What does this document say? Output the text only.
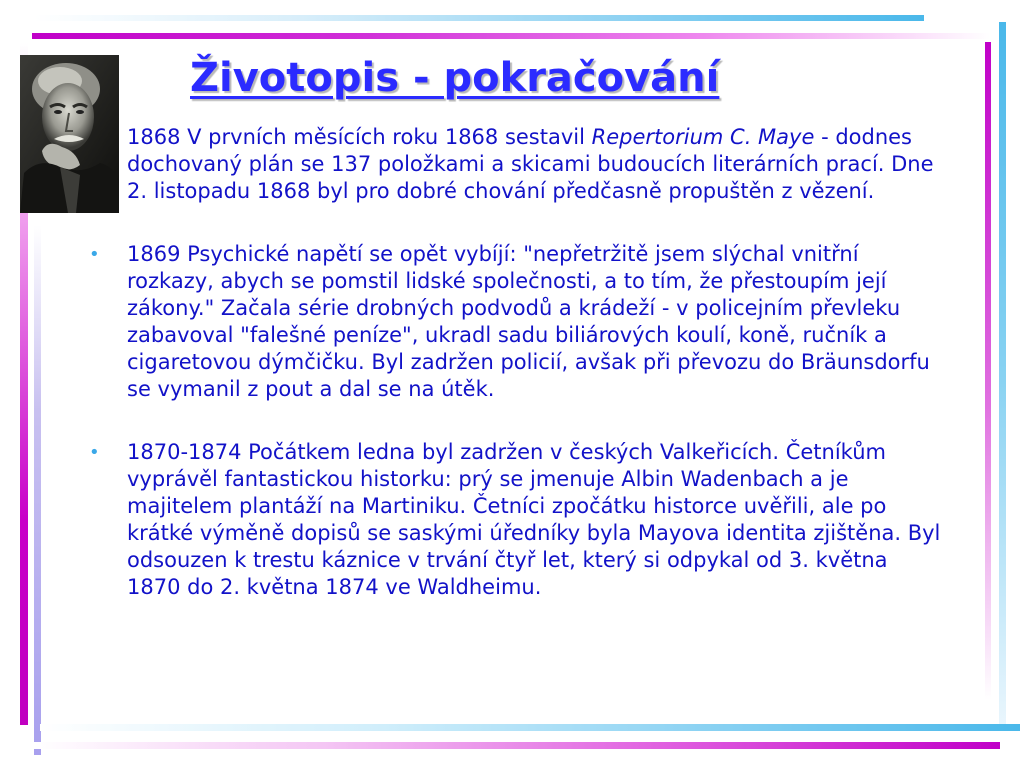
Životopis - pokračování
1868 V prvních měsících roku 1868 sestavil Repertorium C. Maye - dodnes dochovaný plán se 137 položkami a skicami budoucích literárních prací. Dne 2. listopadu 1868 byl pro dobré chování předčasně propuštěn z vězení.
• 1869 Psychické napětí se opět vybíjí: "nepřetržitě jsem slýchal vnitřní rozkazy, abych se pomstil lidské společnosti, a to tím, že přestoupím její zákony." Začala série drobných podvodů a krádeží - v policejním převleku zabavoval "falešné peníze", ukradl sadu biliárových koulí, koně, ručník a cigaretovou dýmčičku. Byl zadržen policií, avšak při převozu do Bräunsdorfu se vymanil z pout a dal se na útěk.
• 1870-1874 Počátkem ledna byl zadržen v českých Valkeřicích. Četníkům vyprávěl fantastickou historku: prý se jmenuje Albin Wadenbach a je majitelem plantáží na Martiniku. Četníci zpočátku historce uvěřili, ale po krátké výměně dopisů se saskými úředníky byla Mayova identita zjištěna. Byl odsouzen k trestu káznice v trvání čtyř let, který si odpykal od 3. května 1870 do 2. května 1874 ve Waldheimu.
